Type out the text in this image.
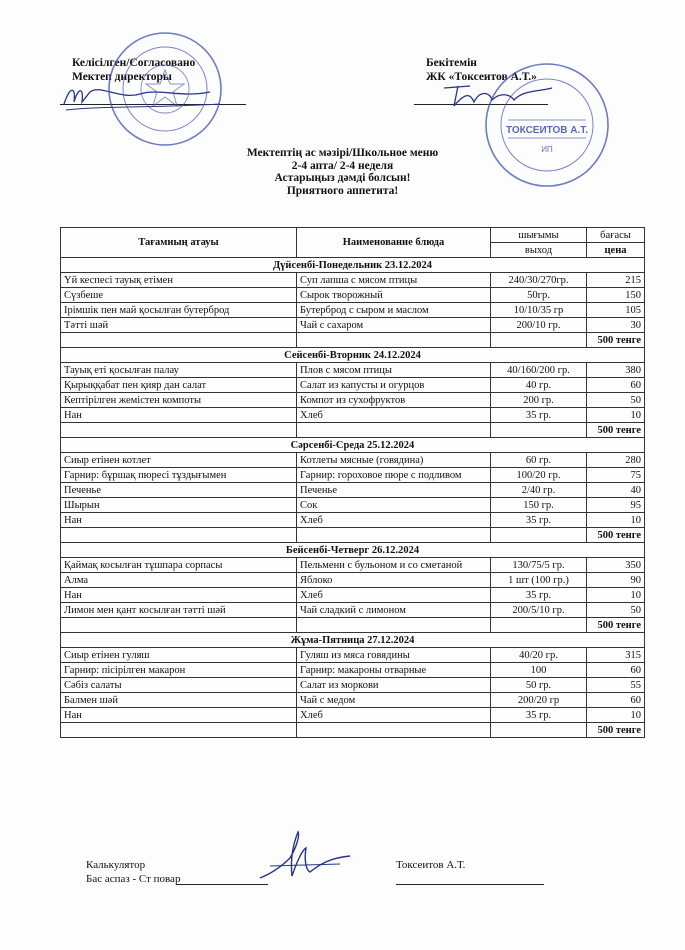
Келісілген/Согласовано
Мектеп директоры
Бекітемін
ЖК «Токсеитов А.Т.»
ТОКСЕИТОВ А.Т.
ИП
Мектептің ас мәзірі/Школьное меню
2-4 апта/ 2-4 неделя
Астарыңыз дәмді болсын!
Приятного аппетита!
Тағамның атауы	Наименование блюда	шығымы	бағасы
		выход	цена
Дүйсенбі-Понедельник 23.12.2024			
Үй кеспесі тауық етімен	Суп лапша с мясом птицы	240/30/270гр.	215
Сүзбеше	Сырок творожный	50гр.	150
Ірімшік пен май қосылған бутерброд	Бутерброд с сыром и маслом	10/10/35 гр	105
Тәтті шәй	Чай с сахаром	200/10 гр.	30
			500 тенге
Сейсенбі-Вторник 24.12.2024			
Тауық еті қосылған палау	Плов с мясом птицы	40/160/200 гр.	380
Қырыққабат пен қияр дан салат	Салат из капусты и огурцов	40 гр.	60
Кептірілген жемістен компоты	Компот из сухофруктов	200 гр.	50
Нан	Хлеб	35 гр.	10
			500 тенге
Сәрсенбі-Среда 25.12.2024			
Сиыр етінен котлет	Котлеты мясные (говядина)	60 гр.	280
Гарнир: бұршақ пюресі тұздығымен	Гарнир: гороховое пюре с подливом	100/20 гр.	75
Печенье	Печенье	2/40 гр.	40
Шырын	Сок	150 гр.	95
Нан	Хлеб	35 гр.	10
			500 тенге
Бейсенбі-Четверг 26.12.2024			
Қаймақ косылған тұшпара сорпасы	Пельмени с бульоном и со сметаной	130/75/5 гр.	350
Алма	Яблоко	1 шт (100 гр.)	90
Нан	Хлеб	35 гр.	10
Лимон мен қант косылған тәтті шәй	Чай сладкий с лимоном	200/5/10 гр.	50
			500 тенге
Жұма-Пятница 27.12.2024			
Сиыр етінен гуляш	Гуляш из мяса говядины	40/20 гр.	315
Гарнир: пісірілген макарон	Гарнир: макароны отварные	100	60
Сәбіз салаты	Салат из моркови	50 гр.	55
Балмен шәй	Чай с медом	200/20 гр	60
Нан	Хлеб	35 гр.	10
			500 тенге
Калькулятор
Бас аспаз - Ст повар
Токсеитов А.Т.
